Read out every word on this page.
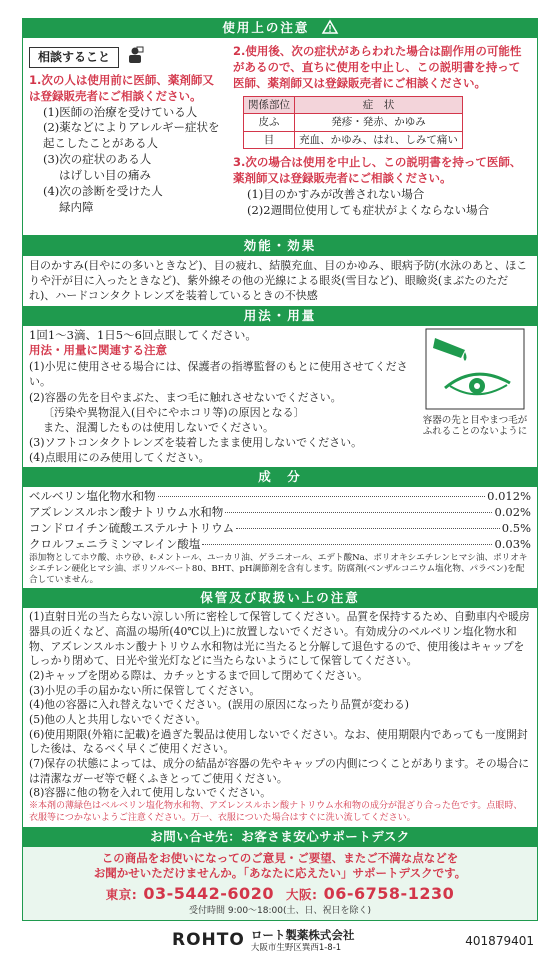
使用上の注意
相談すること
1.次の人は使用前に医師、薬剤師又は登録販売者にご相談ください。
(1)医師の治療を受けている人
(2)薬などによりアレルギー症状を起こしたことがある人
(3)次の症状のある人
はげしい目の痛み
(4)次の診断を受けた人
緑内障
2.使用後、次の症状があらわれた場合は副作用の可能性があるので、直ちに使用を中止し、この説明書を持って医師、薬剤師又は登録販売者にご相談ください。
関係部位	症　状
皮ふ	発疹・発赤、かゆみ
目	充血、かゆみ、はれ、しみて痛い
3.次の場合は使用を中止し、この説明書を持って医師、薬剤師又は登録販売者にご相談ください。
(1)目のかすみが改善されない場合
(2)2週間位使用しても症状がよくならない場合
効能・効果
目のかすみ(目やにの多いときなど)、目の疲れ、結膜充血、目のかゆみ、眼病予防(水泳のあと、ほこりや汗が目に入ったときなど)、紫外線その他の光線による眼炎(雪目など)、眼瞼炎(まぶたのただれ)、ハードコンタクトレンズを装着しているときの不快感
用法・用量
1回1～3滴、1日5～6回点眼してください。
用法・用量に関連する注意
(1)小児に使用させる場合には、保護者の指導監督のもとに使用させてください。
(2)容器の先を目やまぶた、まつ毛に触れさせないでください。
〔汚染や異物混入(目やにやホコリ等)の原因となる〕
また、混濁したものは使用しないでください。
(3)ソフトコンタクトレンズを装着したまま使用しないでください。
(4)点眼用にのみ使用してください。
容器の先と目やまつ毛がふれることのないように
成　分
ベルベリン塩化物水和物	0.012%
アズレンスルホン酸ナトリウム水和物	0.02%
コンドロイチン硫酸エステルナトリウム	0.5%
クロルフェニラミンマレイン酸塩	0.03%
添加物としてホウ酸、ホウ砂、ℓ-メントール、ユーカリ油、ゲラニオール、エデト酸Na、ポリオキシエチレンヒマシ油、ポリオキシエチレン硬化ヒマシ油、ポリソルベート80、BHT、pH調節剤を含有します。防腐剤(ベンザルコニウム塩化物、パラベン)を配合していません。
保管及び取扱い上の注意
(1)直射日光の当たらない涼しい所に密栓して保管してください。品質を保持するため、自動車内や暖房器具の近くなど、高温の場所(40℃以上)に放置しないでください。有効成分のベルベリン塩化物水和物、アズレンスルホン酸ナトリウム水和物は光に当たると分解して退色するので、使用後はキャップをしっかり閉めて、日光や蛍光灯などに当たらないようにして保管してください。
(2)キャップを閉める際は、カチッとするまで回して閉めてください。
(3)小児の手の届かない所に保管してください。
(4)他の容器に入れ替えないでください。(誤用の原因になったり品質が変わる)
(5)他の人と共用しないでください。
(6)使用期限(外箱に記載)を過ぎた製品は使用しないでください。なお、使用期限内であっても一度開封した後は、なるべく早くご使用ください。
(7)保存の状態によっては、成分の結晶が容器の先やキャップの内側につくことがあります。その場合には清潔なガーゼ等で軽くふきとってご使用ください。
(8)容器に他の物を入れて使用しないでください。
※本剤の薄緑色はベルベリン塩化物水和物、アズレンスルホン酸ナトリウム水和物の成分が混ざり合った色です。点眼時、衣服等につかないようご注意ください。万一、衣服についた場合はすぐに洗い流してください。
お問い合せ先：お客さま安心サポートデスク
この商品をお使いになってのご意見・ご要望、またご不満な点などを
お聞かせいただけませんか。「あなたに応えたい」サポートデスクです。
東京: 03-5442-6020 大阪: 06-6758-1230
受付時間 9:00～18:00(土、日、祝日を除く)
ROHTO ロート製薬株式会社
大阪市生野区巽西1-8-1
401879401
